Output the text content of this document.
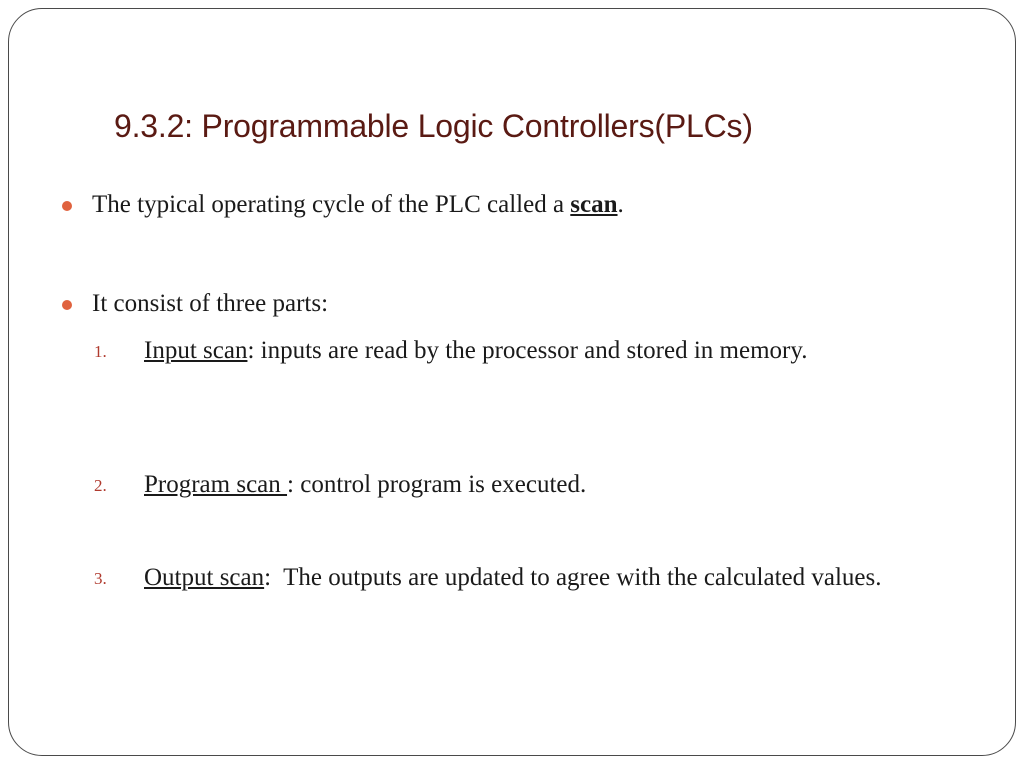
9.3.2: Programmable Logic Controllers(PLCs)
The typical operating cycle of the PLC called a scan.
It consist of three parts:
1. Input scan: inputs are read by the processor and stored in memory.
2. Program scan : control program is executed.
3. Output scan:  The outputs are updated to agree with the calculated values.
